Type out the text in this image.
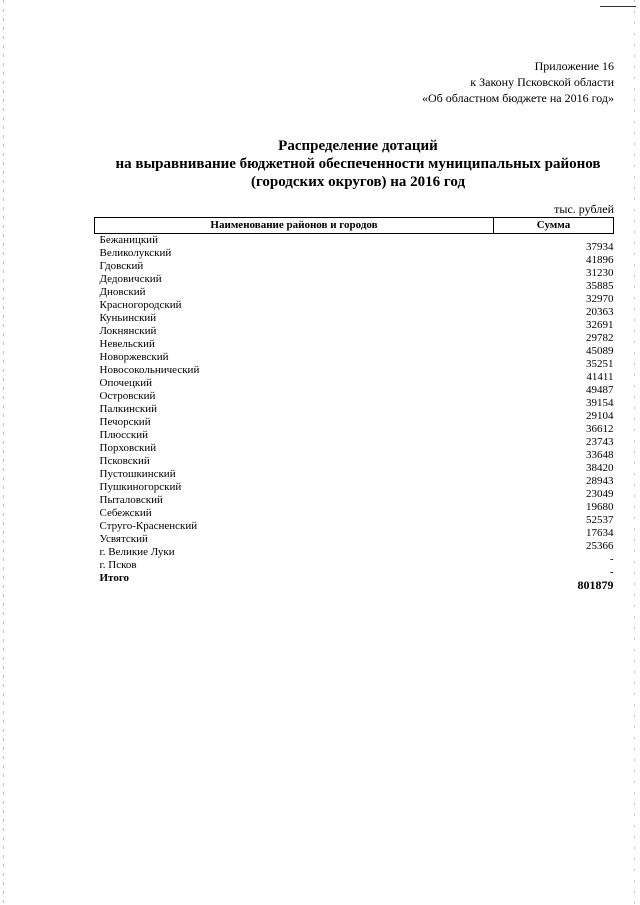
Приложение 16
к Закону Псковской области
«Об областном бюджете на 2016 год»
Распределение дотаций
на выравнивание бюджетной обеспеченности муниципальных районов
(городских округов) на 2016 год
тыс. рублей
Наименование районов и городов	Сумма
Бежаницкий	37934
Великолукский	41896
Гдовский	31230
Дедовичский	35885
Дновский	32970
Красногородский	20363
Куньинский	32691
Локнянский	29782
Невельский	45089
Новоржевский	35251
Новосокольнический	41411
Опочецкий	49487
Островский	39154
Палкинский	29104
Печорский	36612
Плюсский	23743
Порховский	33648
Псковский	38420
Пустошкинский	28943
Пушкиногорский	23049
Пыталовский	19680
Себежский	52537
Струго-Красненский	17634
Усвятский	25366
г. Великие Луки	-
г. Псков	-
Итого	801879
